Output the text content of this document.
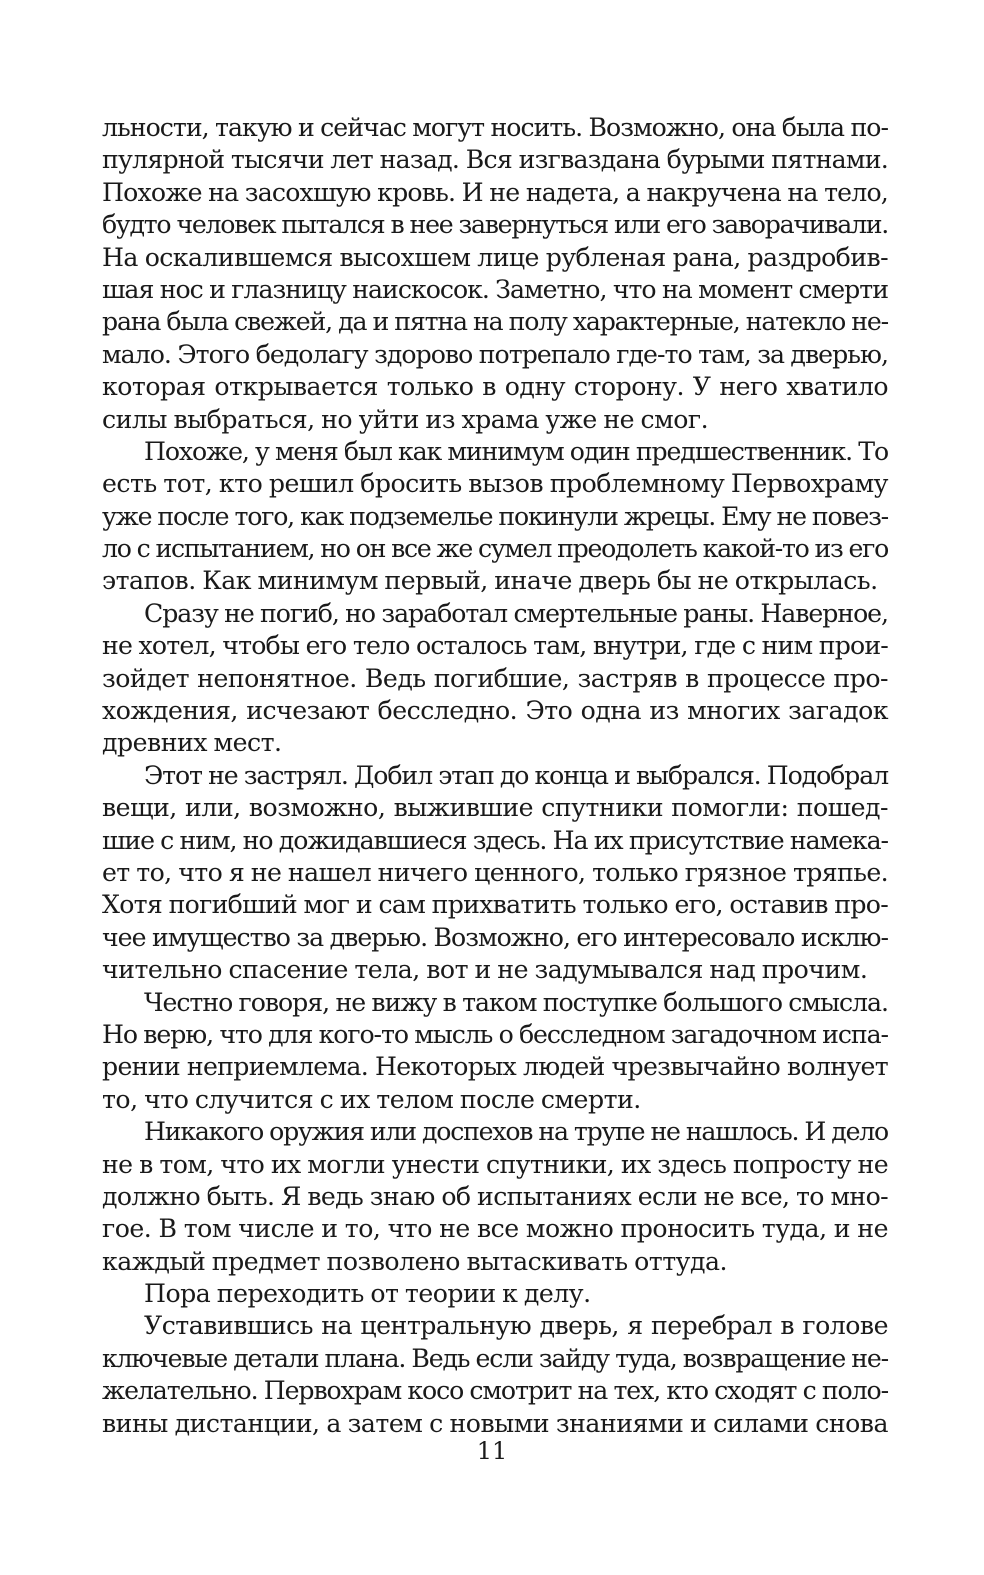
льности, такую и сейчас могут носить. Возможно, она была по-
пулярной тысячи лет назад. Вся изгваздана бурыми пятнами.
Похоже на засохшую кровь. И не надета, а накручена на тело,
будто человек пытался в нее завернуться или его заворачивали.
На оскалившемся высохшем лице рубленая рана, раздробив-
шая нос и глазницу наискосок. Заметно, что на момент смерти
рана была свежей, да и пятна на полу характерные, натекло не-
мало. Этого бедолагу здорово потрепало где-то там, за дверью,
которая открывается только в одну сторону. У него хватило
силы выбраться, но уйти из храма уже не смог.
Похоже, у меня был как минимум один предшественник. То
есть тот, кто решил бросить вызов проблемному Первохраму
уже после того, как подземелье покинули жрецы. Ему не повез-
ло с испытанием, но он все же сумел преодолеть какой-то из его
этапов. Как минимум первый, иначе дверь бы не открылась.
Сразу не погиб, но заработал смертельные раны. Наверное,
не хотел, чтобы его тело осталось там, внутри, где с ним прои-
зойдет непонятное. Ведь погибшие, застряв в процессе про-
хождения, исчезают бесследно. Это одна из многих загадок
древних мест.
Этот не застрял. Добил этап до конца и выбрался. Подобрал
вещи, или, возможно, выжившие спутники помогли: пошед-
шие с ним, но дожидавшиеся здесь. На их присутствие намека-
ет то, что я не нашел ничего ценного, только грязное тряпье.
Хотя погибший мог и сам прихватить только его, оставив про-
чее имущество за дверью. Возможно, его интересовало исклю-
чительно спасение тела, вот и не задумывался над прочим.
Честно говоря, не вижу в таком поступке большого смысла.
Но верю, что для кого-то мысль о бесследном загадочном испа-
рении неприемлема. Некоторых людей чрезвычайно волнует
то, что случится с их телом после смерти.
Никакого оружия или доспехов на трупе не нашлось. И дело
не в том, что их могли унести спутники, их здесь попросту не
должно быть. Я ведь знаю об испытаниях если не все, то мно-
гое. В том числе и то, что не все можно проносить туда, и не
каждый предмет позволено вытаскивать оттуда.
Пора переходить от теории к делу.
Уставившись на центральную дверь, я перебрал в голове
ключевые детали плана. Ведь если зайду туда, возвращение не-
желательно. Первохрам косо смотрит на тех, кто сходят с поло-
вины дистанции, а затем с новыми знаниями и силами снова
11
